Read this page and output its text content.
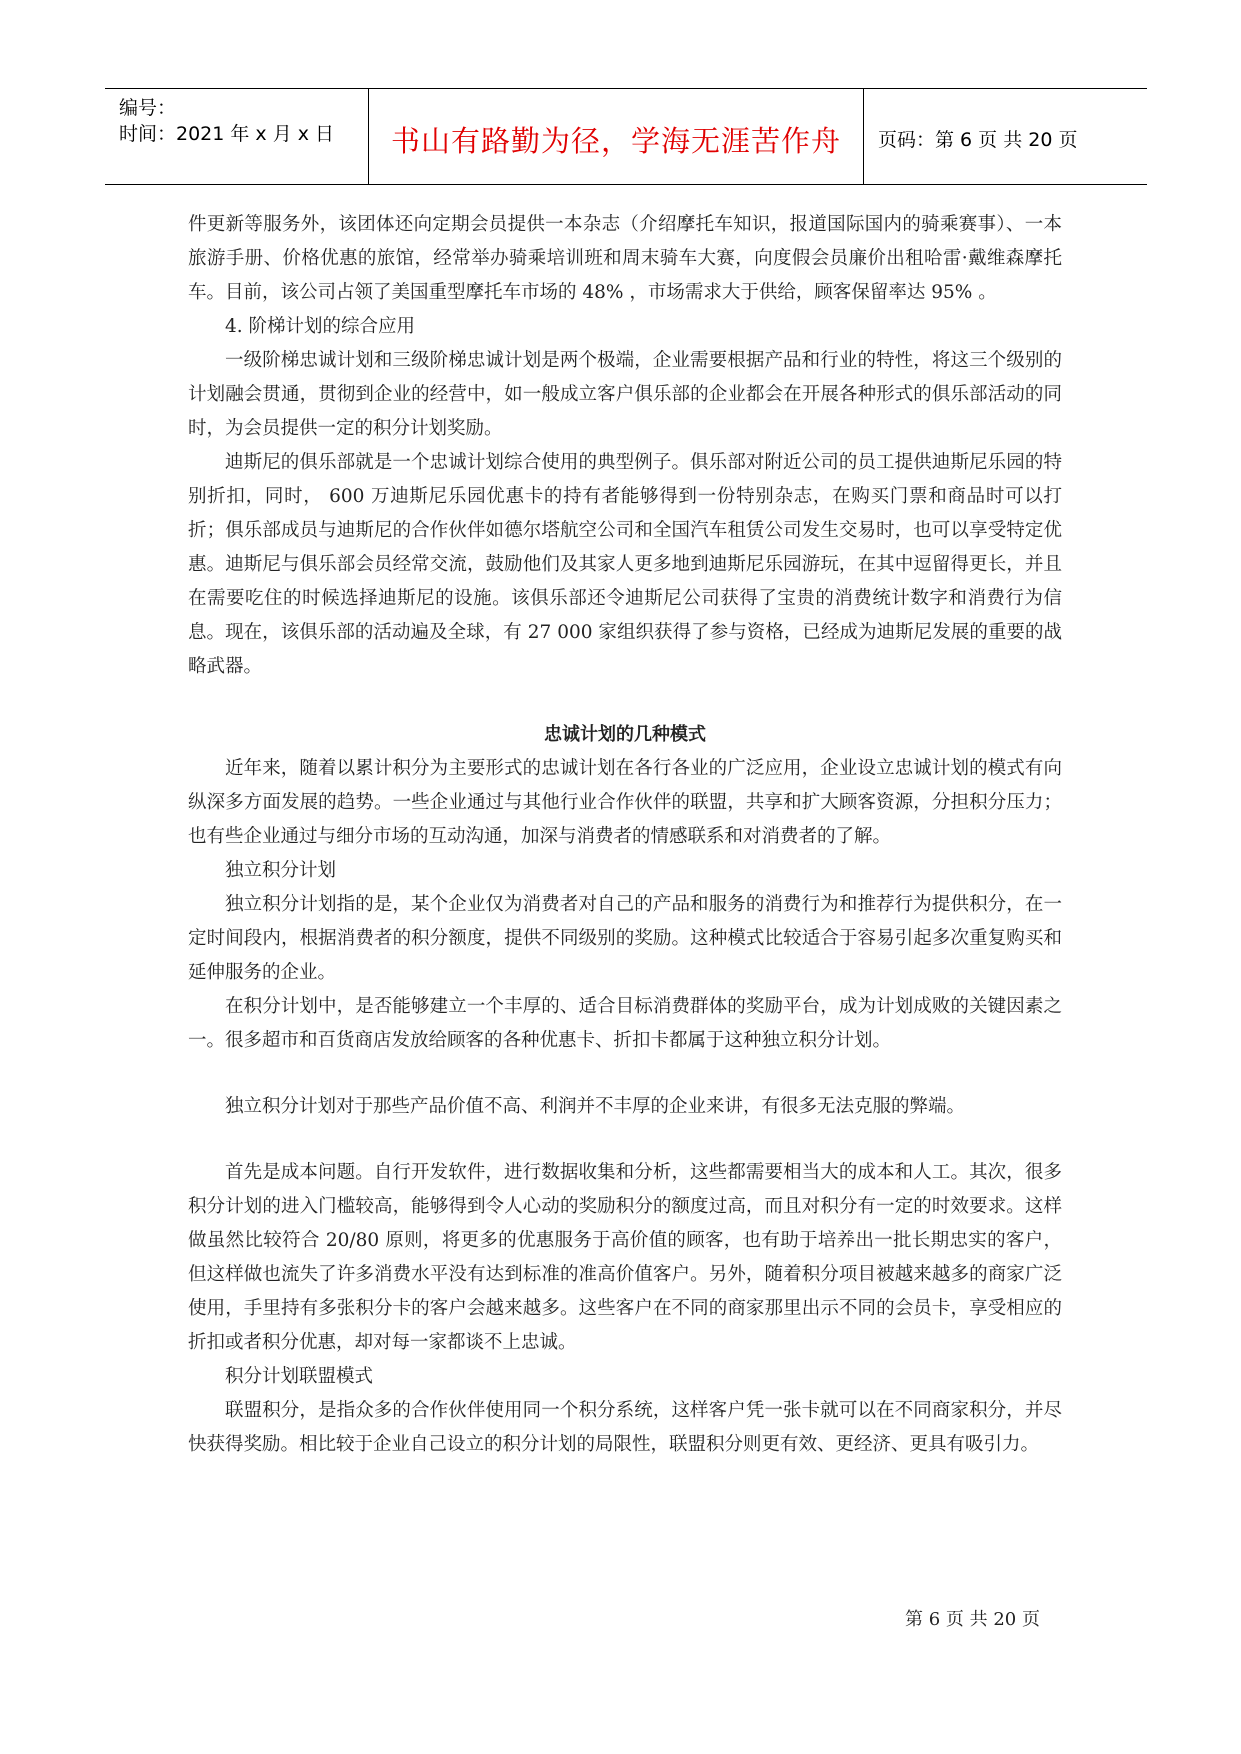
编号：
时间：2021 年 x 月 x 日	书山有路勤为径，学海无涯苦作舟	页码：第 6 页 共 20 页

件更新等服务外，该团体还向定期会员提供一本杂志（介绍摩托车知识，报道国际国内的骑乘赛事）、一本旅游手册、价格优惠的旅馆，经常举办骑乘培训班和周末骑车大赛，向度假会员廉价出租哈雷·戴维森摩托车。目前，该公司占领了美国重型摩托车市场的 48% ，市场需求大于供给，顾客保留率达 95% 。

4. 阶梯计划的综合应用

一级阶梯忠诚计划和三级阶梯忠诚计划是两个极端，企业需要根据产品和行业的特性，将这三个级别的计划融会贯通，贯彻到企业的经营中，如一般成立客户俱乐部的企业都会在开展各种形式的俱乐部活动的同时，为会员提供一定的积分计划奖励。

迪斯尼的俱乐部就是一个忠诚计划综合使用的典型例子。俱乐部对附近公司的员工提供迪斯尼乐园的特别折扣，同时， 600 万迪斯尼乐园优惠卡的持有者能够得到一份特别杂志，在购买门票和商品时可以打折；俱乐部成员与迪斯尼的合作伙伴如德尔塔航空公司和全国汽车租赁公司发生交易时，也可以享受特定优惠。迪斯尼与俱乐部会员经常交流，鼓励他们及其家人更多地到迪斯尼乐园游玩，在其中逗留得更长，并且在需要吃住的时候选择迪斯尼的设施。该俱乐部还令迪斯尼公司获得了宝贵的消费统计数字和消费行为信息。现在，该俱乐部的活动遍及全球，有 27 000 家组织获得了参与资格，已经成为迪斯尼发展的重要的战略武器。

忠诚计划的几种模式

近年来，随着以累计积分为主要形式的忠诚计划在各行各业的广泛应用，企业设立忠诚计划的模式有向纵深多方面发展的趋势。一些企业通过与其他行业合作伙伴的联盟，共享和扩大顾客资源，分担积分压力；也有些企业通过与细分市场的互动沟通，加深与消费者的情感联系和对消费者的了解。

独立积分计划

独立积分计划指的是，某个企业仅为消费者对自己的产品和服务的消费行为和推荐行为提供积分，在一定时间段内，根据消费者的积分额度，提供不同级别的奖励。这种模式比较适合于容易引起多次重复购买和延伸服务的企业。

在积分计划中，是否能够建立一个丰厚的、适合目标消费群体的奖励平台，成为计划成败的关键因素之一。很多超市和百货商店发放给顾客的各种优惠卡、折扣卡都属于这种独立积分计划。

独立积分计划对于那些产品价值不高、利润并不丰厚的企业来讲，有很多无法克服的弊端。

首先是成本问题。自行开发软件，进行数据收集和分析，这些都需要相当大的成本和人工。其次，很多积分计划的进入门槛较高，能够得到令人心动的奖励积分的额度过高，而且对积分有一定的时效要求。这样做虽然比较符合 20/80 原则，将更多的优惠服务于高价值的顾客，也有助于培养出一批长期忠实的客户，但这样做也流失了许多消费水平没有达到标准的准高价值客户。另外，随着积分项目被越来越多的商家广泛使用，手里持有多张积分卡的客户会越来越多。这些客户在不同的商家那里出示不同的会员卡，享受相应的折扣或者积分优惠，却对每一家都谈不上忠诚。

积分计划联盟模式

联盟积分，是指众多的合作伙伴使用同一个积分系统，这样客户凭一张卡就可以在不同商家积分，并尽快获得奖励。相比较于企业自己设立的积分计划的局限性，联盟积分则更有效、更经济、更具有吸引力。

第 6 页 共 20 页
